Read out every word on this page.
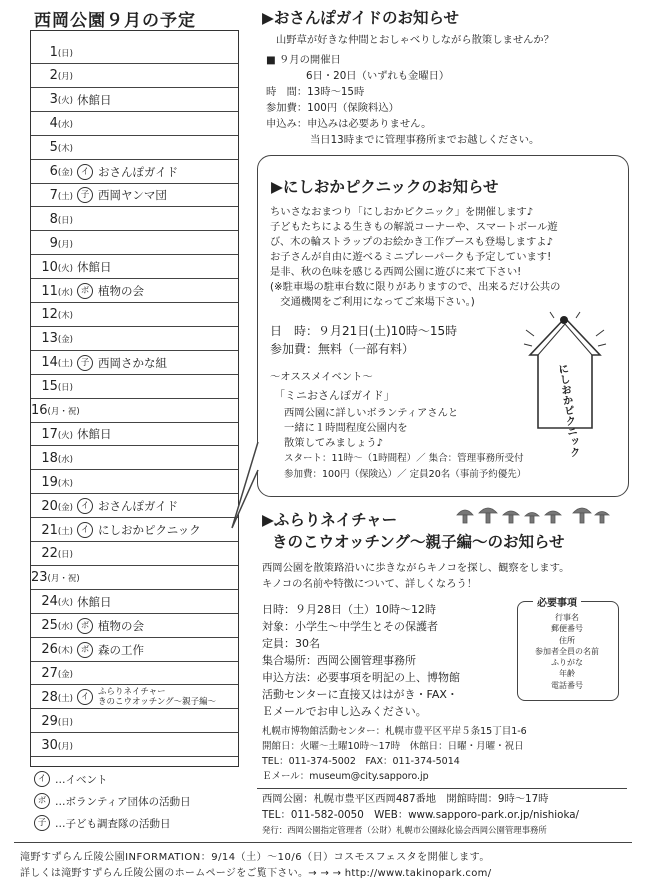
西岡公園９月の予定
1(日)
2(月)
3(火) 休館日
4(水)
5(木)
6(金) イ おさんぽガイド
7(土) 子 西岡ヤンマ団
8(日)
9(月)
10(火) 休館日
11(水) ボ 植物の会
12(木)
13(金)
14(土) 子 西岡さかな組
15(日)
16(月・祝)
17(火) 休館日
18(水)
19(木)
20(金) イ おさんぽガイド
21(土) イ にしおかピクニック
22(日)
23(月・祝)
24(火) 休館日
25(水) ボ 植物の会
26(木) ボ 森の工作
27(金)
28(土) イ	ふらりネイチャー
きのこウオッチング〜親子編〜
29(日)
30(月)
イ …イベント
ボ …ボランティア団体の活動日
子 …子ども調査隊の活動日
▶おさんぽガイドのお知らせ
山野草が好きな仲間とおしゃべりしながら散策しませんか？
■ ９月の開催日
6日・20日（いずれも金曜日）
時　間：13時〜15時
参加費：100円（保険料込）
申込み：申込みは必要ありません。
当日13時までに管理事務所までお越しください。
▶にしおかピクニックのお知らせ
ちいさなおまつり「にしおかピクニック」を開催します♪
子どもたちによる生きもの解説コーナーや、スマートボール遊
び、木の輪ストラップのお絵かき工作ブースも登場しますよ♪
お子さんが自由に遊べるミニプレーパークも予定しています!
是非、秋の色味を感じる西岡公園に遊びに来て下さい!
(※駐車場の駐車台数に限りがありますので、出来るだけ公共の
　交通機関をご利用になってご来場下さい。)
日　時：９月21日(土)10時〜15時
参加費：無料（一部有料）
〜オススメイベント〜
「ミニおさんぽガイド」
西岡公園に詳しいボランティアさんと
一緒に１時間程度公園内を
散策してみましょう♪
スタート：11時〜（1時間程）／ 集合：管理事務所受付
参加費：100円（保険込）／ 定員20名（事前予約優先）
にしおかピクニック
▶ふらりネイチャー
きのこウオッチング〜親子編〜のお知らせ
西岡公園を散策路沿いに歩きながらキノコを探し、観察をします。
キノコの名前や特徴について、詳しくなろう！
日時：９月28日（土）10時〜12時
対象：小学生〜中学生とその保護者
定員：30名
集合場所：西岡公園管理事務所
申込方法：必要事項を明記の上、博物館
活動センターに直接又ははがき・FAX・
Ｅメールでお申し込みください。
必要事項
行事名
郵便番号
住所
参加者全員の名前
ふりがな
年齢
電話番号
札幌市博物館活動センター：札幌市豊平区平岸５条15丁目1-6
開館日：火曜〜土曜10時〜17時　休館日：日曜・月曜・祝日
TEL：011-374-5002　FAX：011-374-5014
Ｅメール：museum@city.sapporo.jp
西岡公園：札幌市豊平区西岡487番地　開館時間：9時〜17時
TEL：011-582-0050　WEB：www.sapporo-park.or.jp/nishioka/
発行：西岡公園指定管理者（公財）札幌市公園緑化協会西岡公園管理事務所
滝野すずらん丘陵公園INFORMATION：9/14（土）〜10/6（日）コスモスフェスタを開催します。
詳しくは滝野すずらん丘陵公園のホームページをご覧下さい。→ → → http://www.takinopark.com/
